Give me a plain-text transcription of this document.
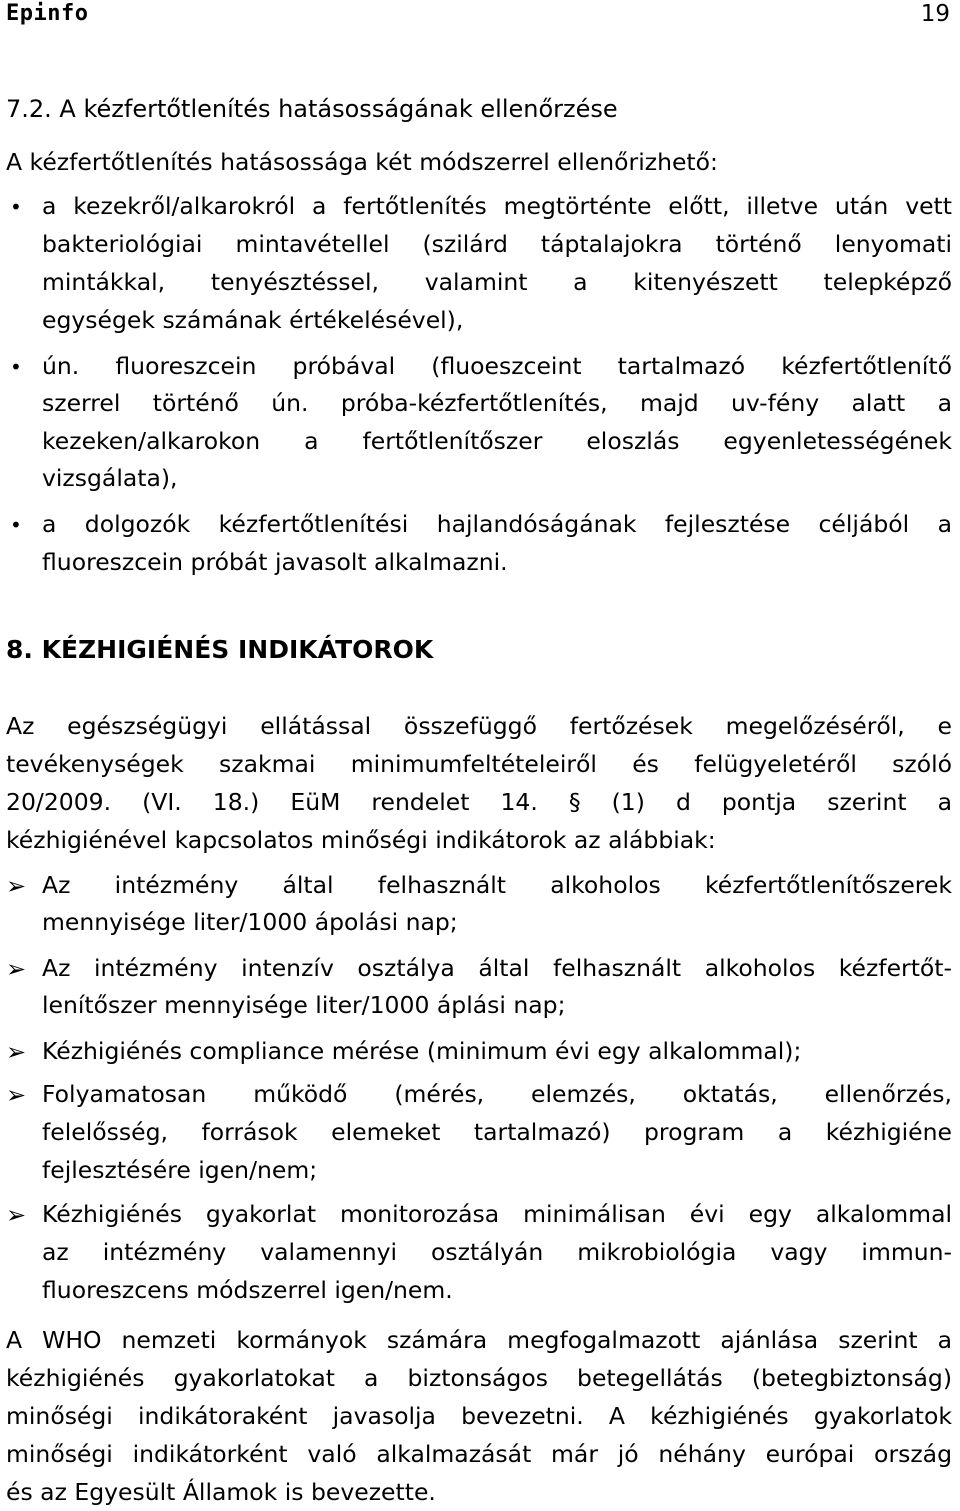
Epinfo	19
7.2. A kézfertőtlenítés hatásosságának ellenőrzése
A kézfertőtlenítés hatásossága két módszerrel ellenőrizhető:
• a kezekről/alkarokról a fertőtlenítés megtörténte előtt, illetve után vett
bakteriológiai mintavétellel (szilárd táptalajokra történő lenyomati
mintákkal, tenyésztéssel, valamint a kitenyészett telepképző
egységek számának értékelésével),
• ún. fluoreszcein próbával (fluoeszceint tartalmazó kézfertőtlenítő
szerrel történő ún. próba-kézfertőtlenítés, majd uv-fény alatt a
kezeken/alkarokon a fertőtlenítőszer eloszlás egyenletességének
vizsgálata),
• a dolgozók kézfertőtlenítési hajlandóságának fejlesztése céljából a
fluoreszcein próbát javasolt alkalmazni.
8. KÉZHIGIÉNÉS INDIKÁTOROK
Az egészségügyi ellátással összefüggő fertőzések megelőzéséről, e
tevékenységek szakmai minimumfeltételeiről és felügyeletéről szóló
20/2009. (VI. 18.) EüM rendelet 14. § (1) d pontja szerint a
kézhigiénével kapcsolatos minőségi indikátorok az alábbiak:
➢ Az intézmény által felhasznált alkoholos kézfertőtlenítőszerek
mennyisége liter/1000 ápolási nap;
➢ Az intézmény intenzív osztálya által felhasznált alkoholos kézfertőt-
lenítőszer mennyisége liter/1000 áplási nap;
➢ Kézhigiénés compliance mérése (minimum évi egy alkalommal);
➢ Folyamatosan működő (mérés, elemzés, oktatás, ellenőrzés,
felelősség, források elemeket tartalmazó) program a kézhigiéne
fejlesztésére igen/nem;
➢ Kézhigiénés gyakorlat monitorozása minimálisan évi egy alkalommal
az intézmény valamennyi osztályán mikrobiológia vagy immun-
fluoreszcens módszerrel igen/nem.
A WHO nemzeti kormányok számára megfogalmazott ajánlása szerint a
kézhigiénés gyakorlatokat a biztonságos betegellátás (betegbiztonság)
minőségi indikátoraként javasolja bevezetni. A kézhigiénés gyakorlatok
minőségi indikátorként való alkalmazását már jó néhány európai ország
és az Egyesült Államok is bevezette.
